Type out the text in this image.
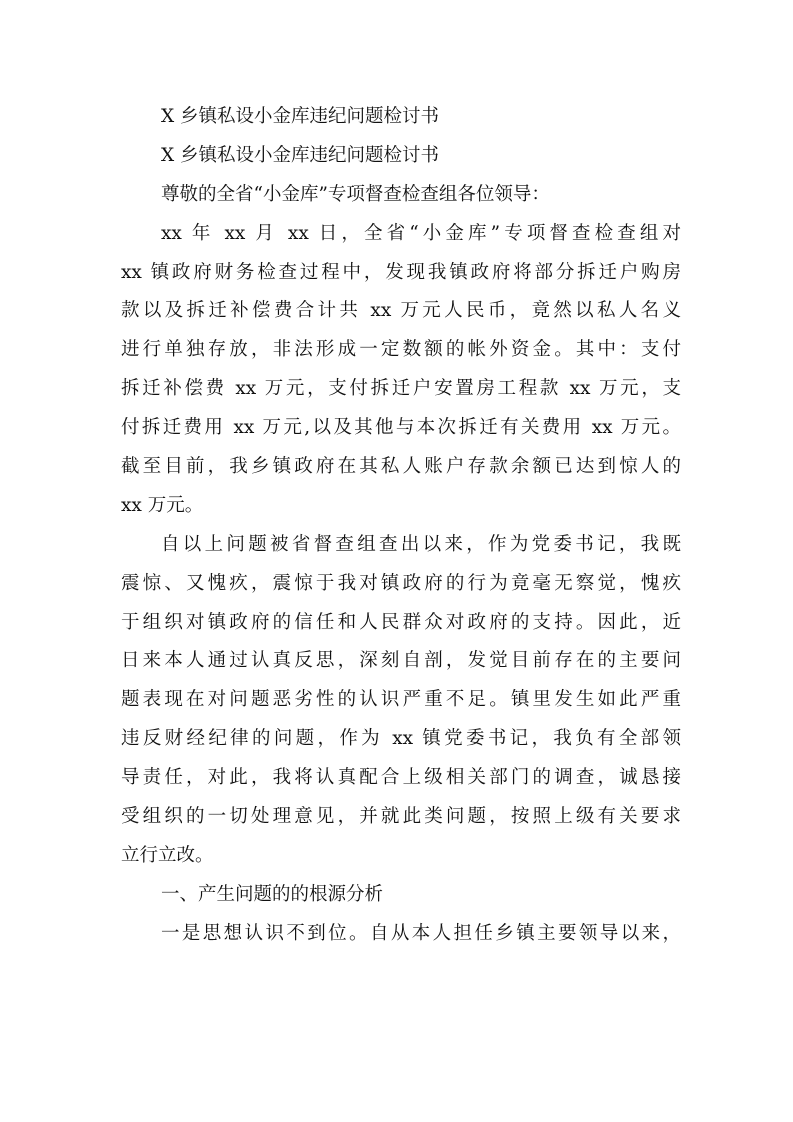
X 乡镇私设小金库违纪问题检讨书
X 乡镇私设小金库违纪问题检讨书
尊敬的全省“小金库”专项督查检查组各位领导：
xx 年 xx 月 xx 日，全省“小金库”专项督查检查组对
xx 镇政府财务检查过程中，发现我镇政府将部分拆迁户购房
款以及拆迁补偿费合计共 xx 万元人民币，竟然以私人名义
进行单独存放，非法形成一定数额的帐外资金。其中：支付
拆迁补偿费 xx 万元，支付拆迁户安置房工程款 xx 万元，支
付拆迁费用 xx 万元,以及其他与本次拆迁有关费用 xx 万元。
截至目前，我乡镇政府在其私人账户存款余额已达到惊人的
xx 万元。
自以上问题被省督查组查出以来，作为党委书记，我既
震惊、又愧疚，震惊于我对镇政府的行为竟毫无察觉，愧疚
于组织对镇政府的信任和人民群众对政府的支持。因此，近
日来本人通过认真反思，深刻自剖，发觉目前存在的主要问
题表现在对问题恶劣性的认识严重不足。镇里发生如此严重
违反财经纪律的问题，作为 xx 镇党委书记，我负有全部领
导责任，对此，我将认真配合上级相关部门的调查，诚恳接
受组织的一切处理意见，并就此类问题，按照上级有关要求
立行立改。
一、产生问题的的根源分析
一是思想认识不到位。自从本人担任乡镇主要领导以来，
